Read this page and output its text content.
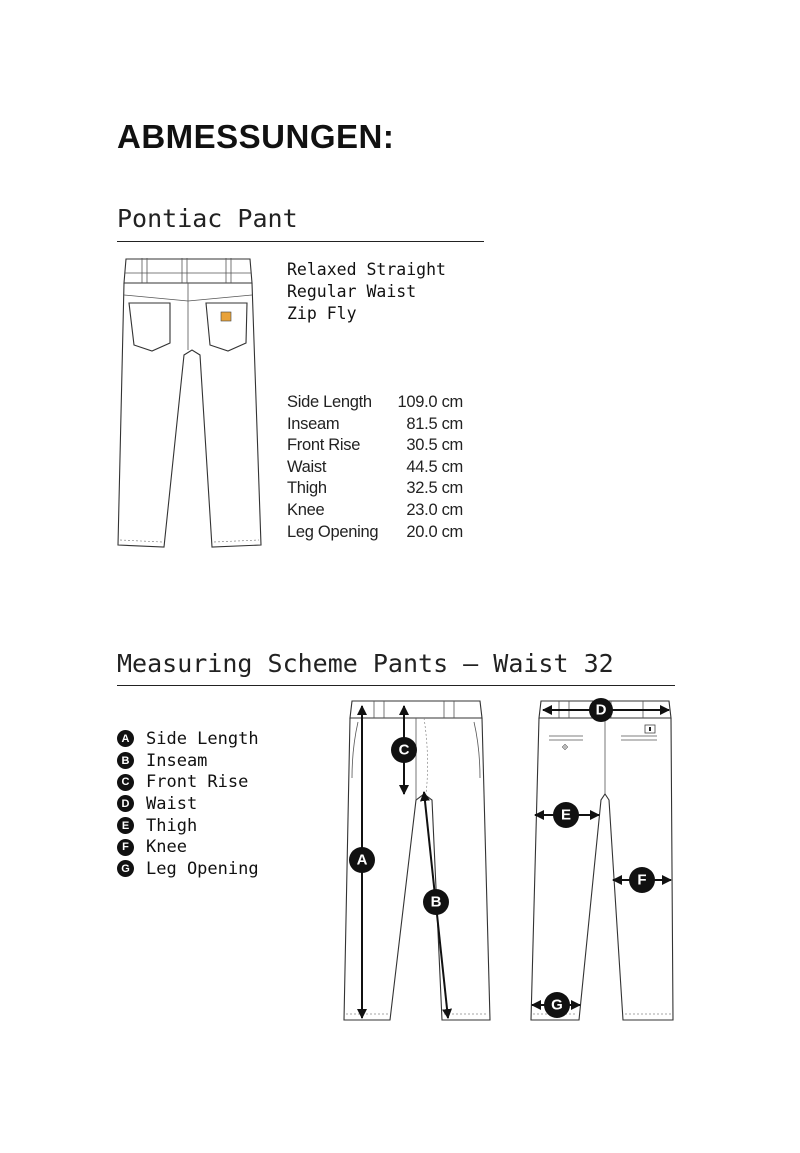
ABMESSUNGEN:
Pontiac Pant
Relaxed Straight
Regular Waist
Zip Fly
Side Length 109.0 cm
Inseam	81.5 cm
Front Rise	30.5 cm
Waist	44.5 cm
Thigh	32.5 cm
Knee	23.0 cm
Leg Opening 20.0 cm
Measuring Scheme Pants — Waist 32
A Side Length
B Inseam
C Front Rise
D Waist
E Thigh
F	Knee
G Leg Opening	A
B
C
D
E
F
G
